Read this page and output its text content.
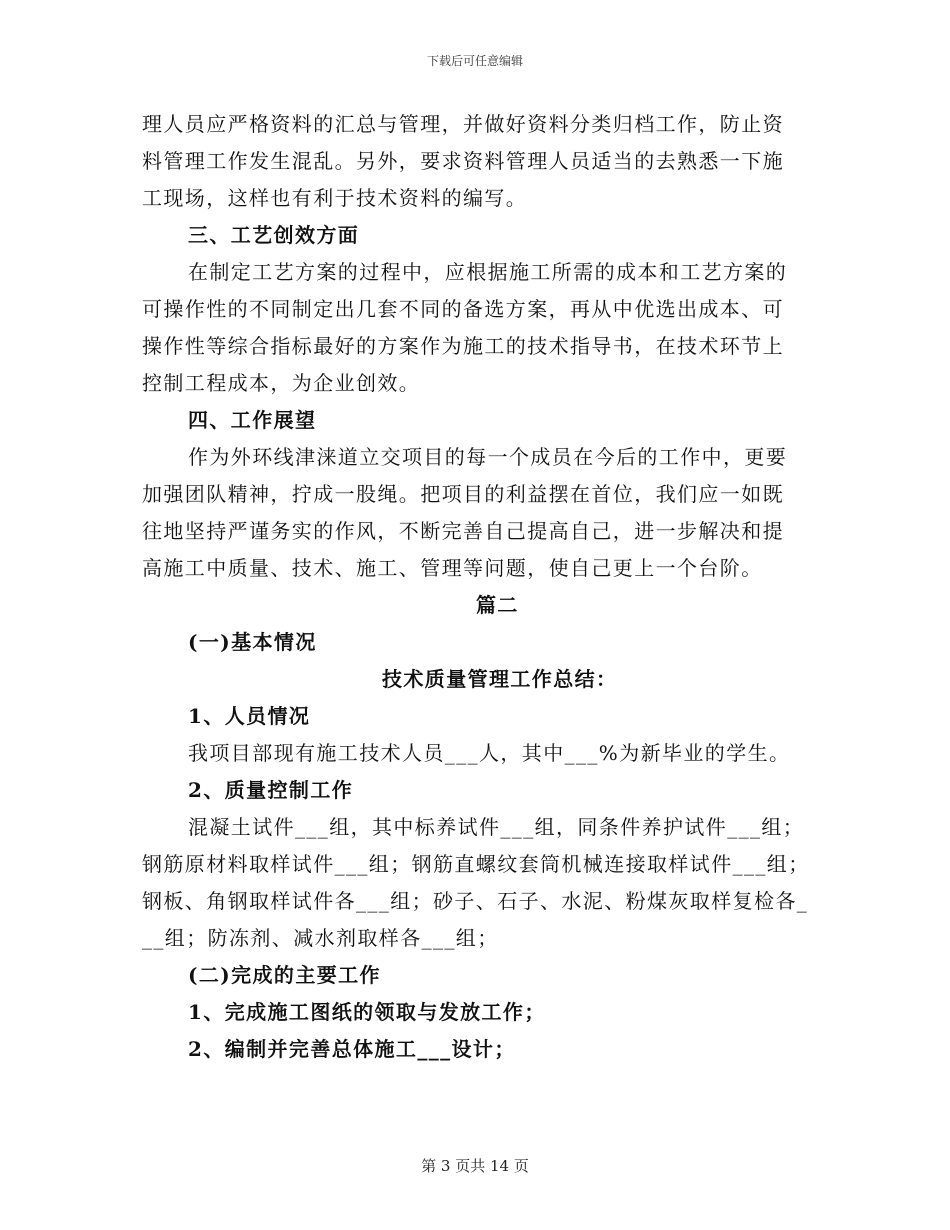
下载后可任意编辑
理人员应严格资料的汇总与管理，并做好资料分类归档工作，防止资
料管理工作发生混乱。另外，要求资料管理人员适当的去熟悉一下施
工现场，这样也有利于技术资料的编写。
三、工艺创效方面
在制定工艺方案的过程中，应根据施工所需的成本和工艺方案的
可操作性的不同制定出几套不同的备选方案，再从中优选出成本、可
操作性等综合指标最好的方案作为施工的技术指导书，在技术环节上
控制工程成本，为企业创效。
四、工作展望
作为外环线津涞道立交项目的每一个成员在今后的工作中，更要
加强团队精神，拧成一股绳。把项目的利益摆在首位，我们应一如既
往地坚持严谨务实的作风，不断完善自己提高自己，进一步解决和提
高施工中质量、技术、施工、管理等问题，使自己更上一个台阶。
篇二
(一)基本情况
技术质量管理工作总结：
1、人员情况
我项目部现有施工技术人员___人，其中___%为新毕业的学生。
2、质量控制工作
混凝土试件___组，其中标养试件___组，同条件养护试件___组；
钢筋原材料取样试件___组；钢筋直螺纹套筒机械连接取样试件___组；
钢板、角钢取样试件各___组；砂子、石子、水泥、粉煤灰取样复检各_
__组；防冻剂、减水剂取样各___组；
(二)完成的主要工作
1、完成施工图纸的领取与发放工作；
2、编制并完善总体施工___设计；
第 3 页共 14 页
